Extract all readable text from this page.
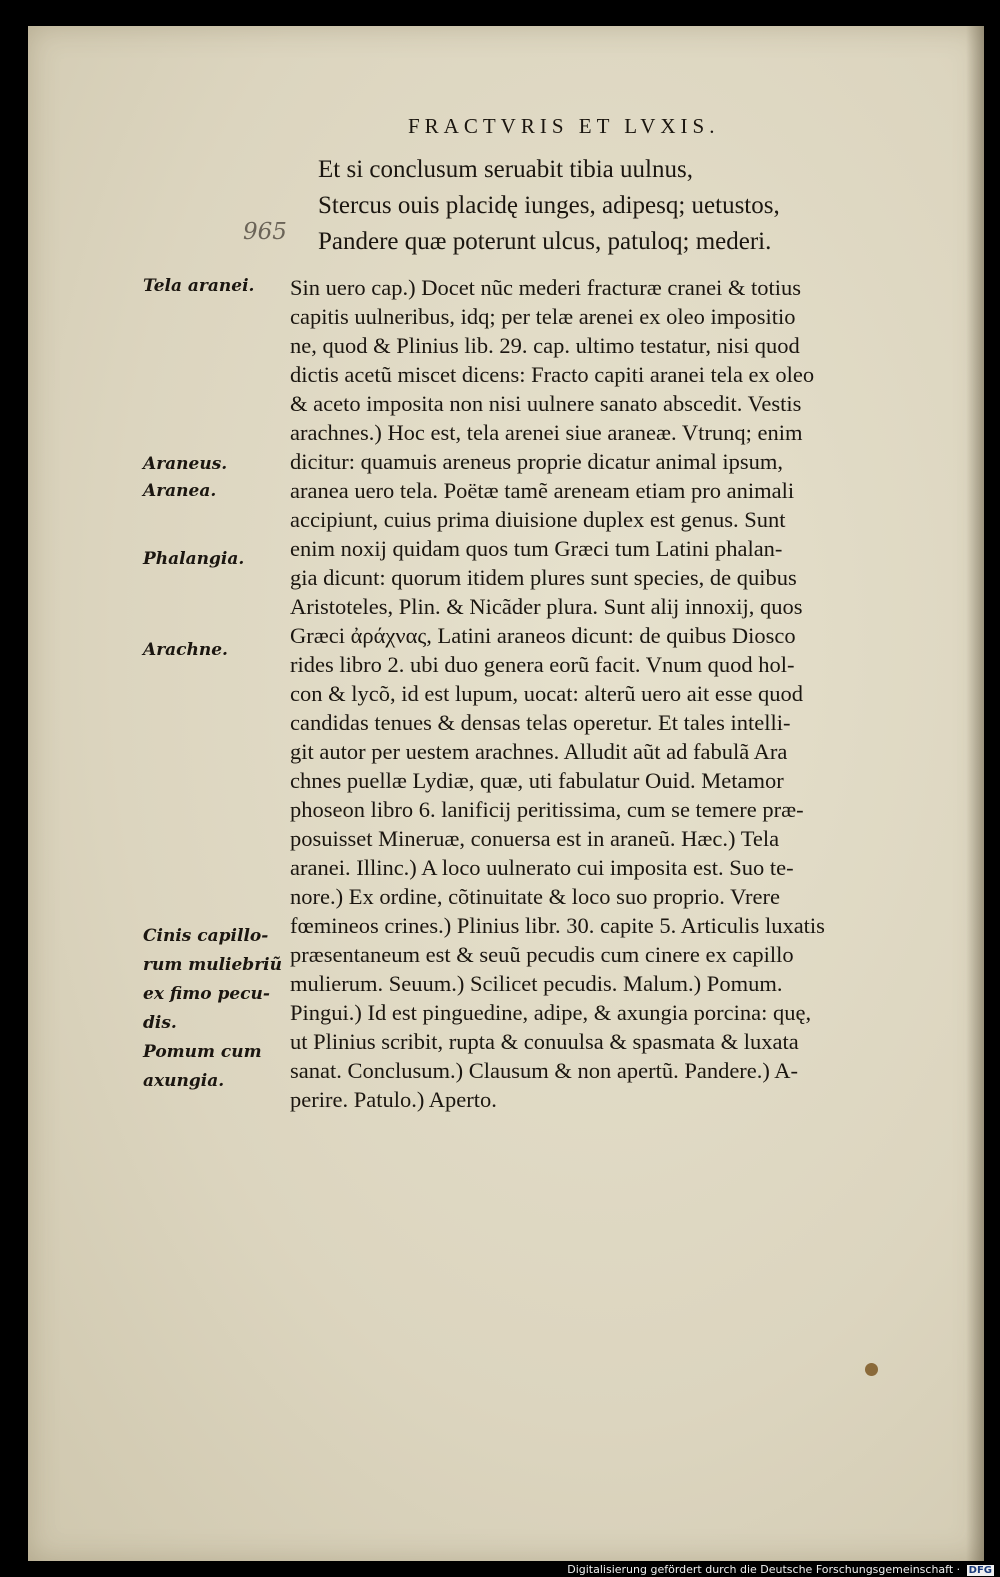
FRACTVRIS ET LVXIS.
965
Et si conclusum seruabit tibia uulnus,
Stercus ouis placidę iunges, adipesq; uetustos,
Pandere quæ poterunt ulcus, patuloq; mederi.
Sin uero cap.) Docet nũc mederi fracturæ cranei & totius
capitis uulneribus, idq; per telæ arenei ex oleo impositio
ne, quod & Plinius lib. 29. cap. ultimo testatur, nisi quod
dictis acetũ miscet dicens: Fracto capiti aranei tela ex oleo
& aceto imposita non nisi uulnere sanato abscedit. Vestis
arachnes.) Hoc est, tela arenei siue araneæ. Vtrunq; enim
dicitur: quamuis areneus proprie dicatur animal ipsum,
aranea uero tela. Poëtæ tamẽ areneam etiam pro animali
accipiunt, cuius prima diuisione duplex est genus. Sunt
enim noxij quidam quos tum Græci tum Latini phalan-
gia dicunt: quorum itidem plures sunt species, de quibus
Aristoteles, Plin. & Nicãder plura. Sunt alij innoxij, quos
Græci ἀράχνας, Latini araneos dicunt: de quibus Diosco
rides libro 2. ubi duo genera eorũ facit. Vnum quod hol-
con & lycõ, id est lupum, uocat: alterũ uero ait esse quod
candidas tenues & densas telas operetur. Et tales intelli-
git autor per uestem arachnes. Alludit aũt ad fabulã Ara
chnes puellæ Lydiæ, quæ, uti fabulatur Ouid. Metamor
phoseon libro 6. lanificij peritissima, cum se temere præ-
posuisset Mineruæ, conuersa est in araneũ. Hæc.) Tela
aranei. Illinc.) A loco uulnerato cui imposita est. Suo te-
nore.) Ex ordine, cõtinuitate & loco suo proprio. Vrere
fœmineos crines.) Plinius libr. 30. capite 5. Articulis luxatis
præsentaneum est & seuũ pecudis cum cinere ex capillo
mulierum. Seuum.) Scilicet pecudis. Malum.) Pomum.
Pingui.) Id est pinguedine, adipe, & axungia porcina: quę,
ut Plinius scribit, rupta & conuulsa & spasmata & luxata
sanat. Conclusum.) Clausum & non apertũ. Pandere.) A-
perire. Patulo.) Aperto.
Tela aranei.
Araneus.
Aranea.
Phalangia.
Arachne.
Cinis capillo-
rum muliebriũ
ex fimo pecu-
dis.
Pomum cum
axungia.
Digitalisierung gefördert durch die Deutsche Forschungsgemeinschaft · DFG
